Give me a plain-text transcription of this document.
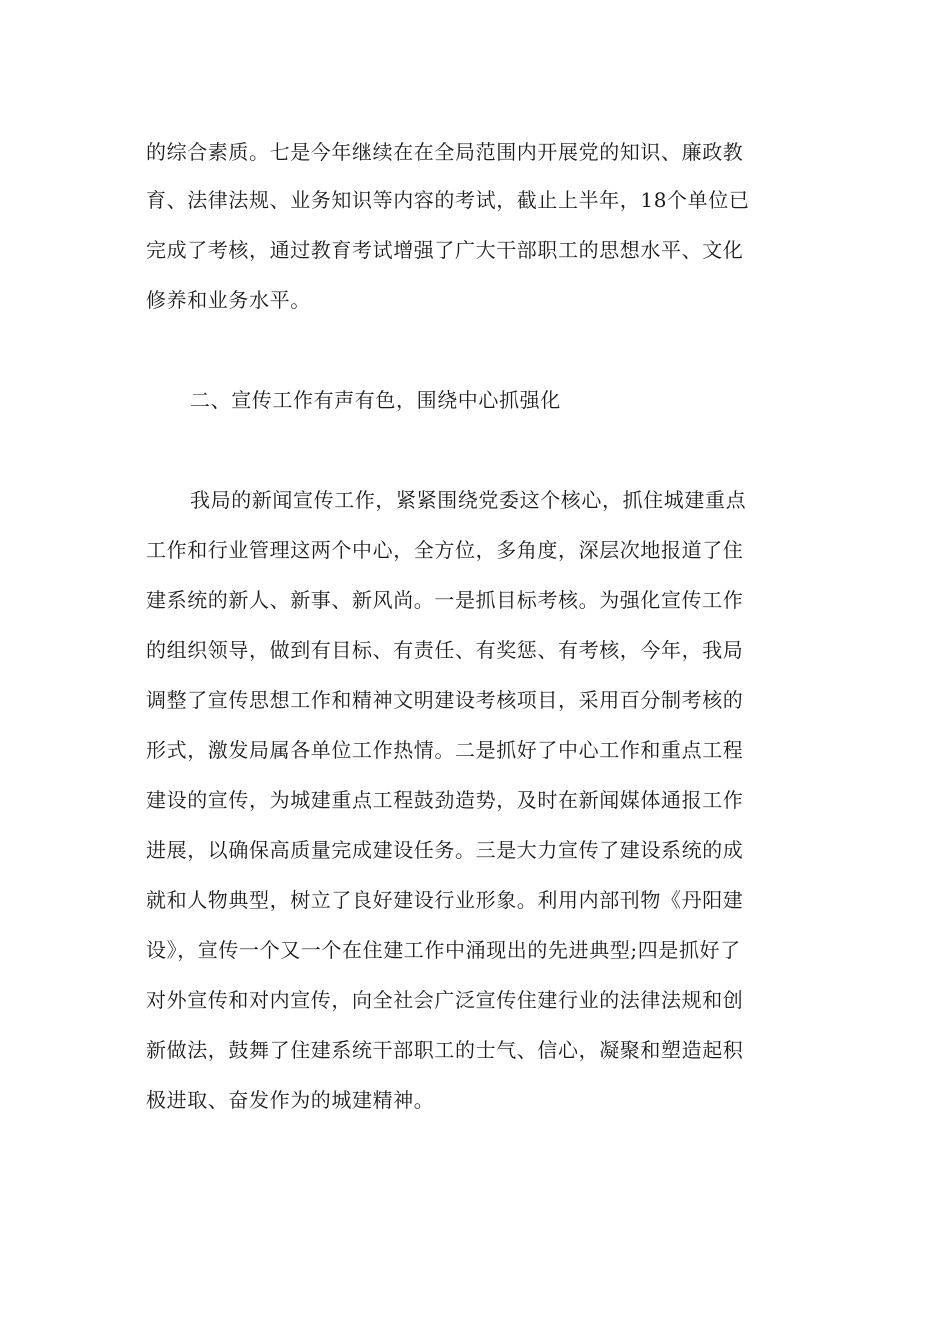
的综合素质。七是今年继续在在全局范围内开展党的知识、廉政教
育、法律法规、业务知识等内容的考试，截止上半年，18个单位已
完成了考核，通过教育考试增强了广大干部职工的思想水平、文化
修养和业务水平。
二、宣传工作有声有色，围绕中心抓强化
我局的新闻宣传工作，紧紧围绕党委这个核心，抓住城建重点
工作和行业管理这两个中心，全方位，多角度，深层次地报道了住
建系统的新人、新事、新风尚。一是抓目标考核。为强化宣传工作
的组织领导，做到有目标、有责任、有奖惩、有考核，今年，我局
调整了宣传思想工作和精神文明建设考核项目，采用百分制考核的
形式，激发局属各单位工作热情。二是抓好了中心工作和重点工程
建设的宣传，为城建重点工程鼓劲造势，及时在新闻媒体通报工作
进展，以确保高质量完成建设任务。三是大力宣传了建设系统的成
就和人物典型，树立了良好建设行业形象。利用内部刊物《丹阳建
设》，宣传一个又一个在住建工作中涌现出的先进典型;四是抓好了
对外宣传和对内宣传，向全社会广泛宣传住建行业的法律法规和创
新做法，鼓舞了住建系统干部职工的士气、信心，凝聚和塑造起积
极进取、奋发作为的城建精神。
